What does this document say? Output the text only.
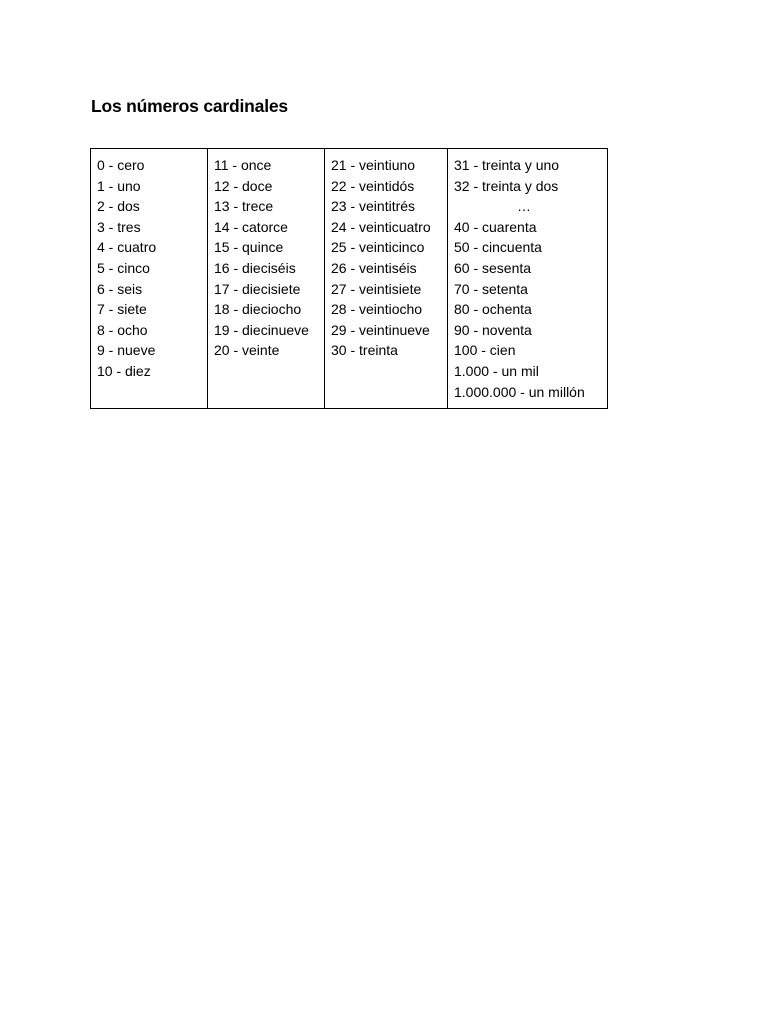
Los números cardinales
0 - cero
1 - uno
2 - dos
3 - tres
4 - cuatro
5 - cinco
6 - seis
7 - siete
8 - ocho
9 - nueve
10 - diez

11 - once
12 - doce
13 - trece
14 - catorce
15 - quince
16 - dieciséis
17 - diecisiete
18 - dieciocho
19 - diecinueve
20 - veinte

21 - veintiuno
22 - veintidós
23 - veintitrés
24 - veinticuatro
25 - veinticinco
26 - veintiséis
27 - veintisiete
28 - veintiocho
29 - veintinueve
30 - treinta

31 - treinta y uno
32 - treinta y dos
…
40 - cuarenta
50 - cincuenta
60 - sesenta
70 - setenta
80 - ochenta
90 - noventa
100 - cien
1.000 - un mil
1.000.000 - un millón
